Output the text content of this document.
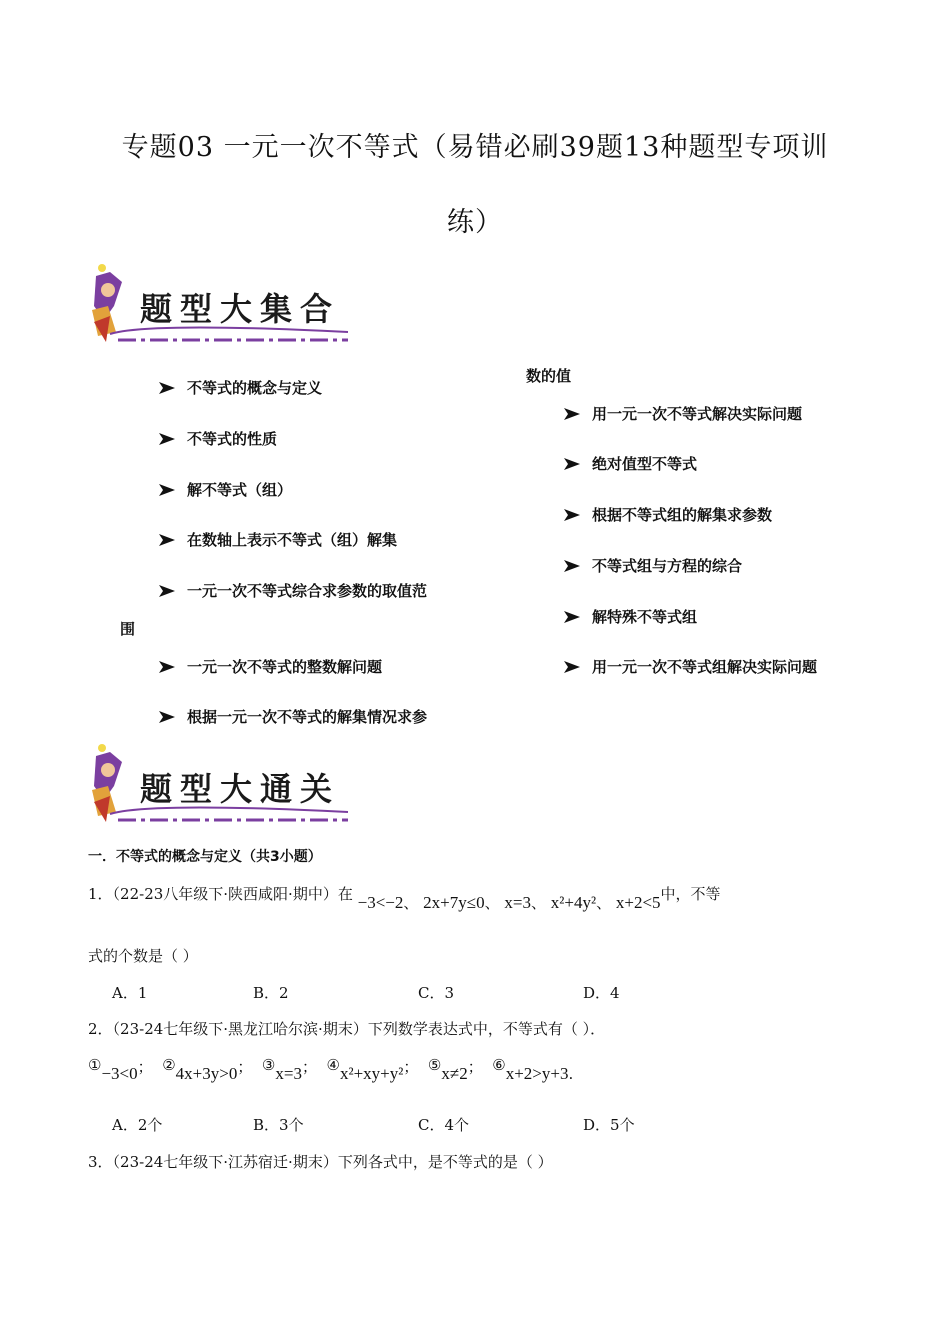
专题03 一元一次不等式（易错必刷39题13种题型专项训
练）
题型大集合
不等式的概念与定义
不等式的性质
解不等式（组）
在数轴上表示不等式（组）解集
一元一次不等式综合求参数的取值范
围
一元一次不等式的整数解问题
根据一元一次不等式的解集情况求参
数的值
用一元一次不等式解决实际问题
绝对值型不等式
根据不等式组的解集求参数
不等式组与方程的综合
解特殊不等式组
用一元一次不等式组解决实际问题
题型大通关
一．不等式的概念与定义（共3小题）
1．（22-23八年级下·陕西咸阳·期中）在 −3<−2、 2x+7y≤0、 x=3、 x²+4y²、 x+2<5中，不等
式的个数是（ ）
A．1	B．2	C．3	D．4
2．（23-24七年级下·黑龙江哈尔滨·期末）下列数学表达式中，不等式有（ ）．
①−3<0； ②4x+3y>0； ③x=3； ④x²+xy+y²； ⑤x≠2； ⑥x+2>y+3.
A．2个	B．3个	C．4个	D．5个
3．（23-24七年级下·江苏宿迁·期末）下列各式中，是不等式的是（ ）
